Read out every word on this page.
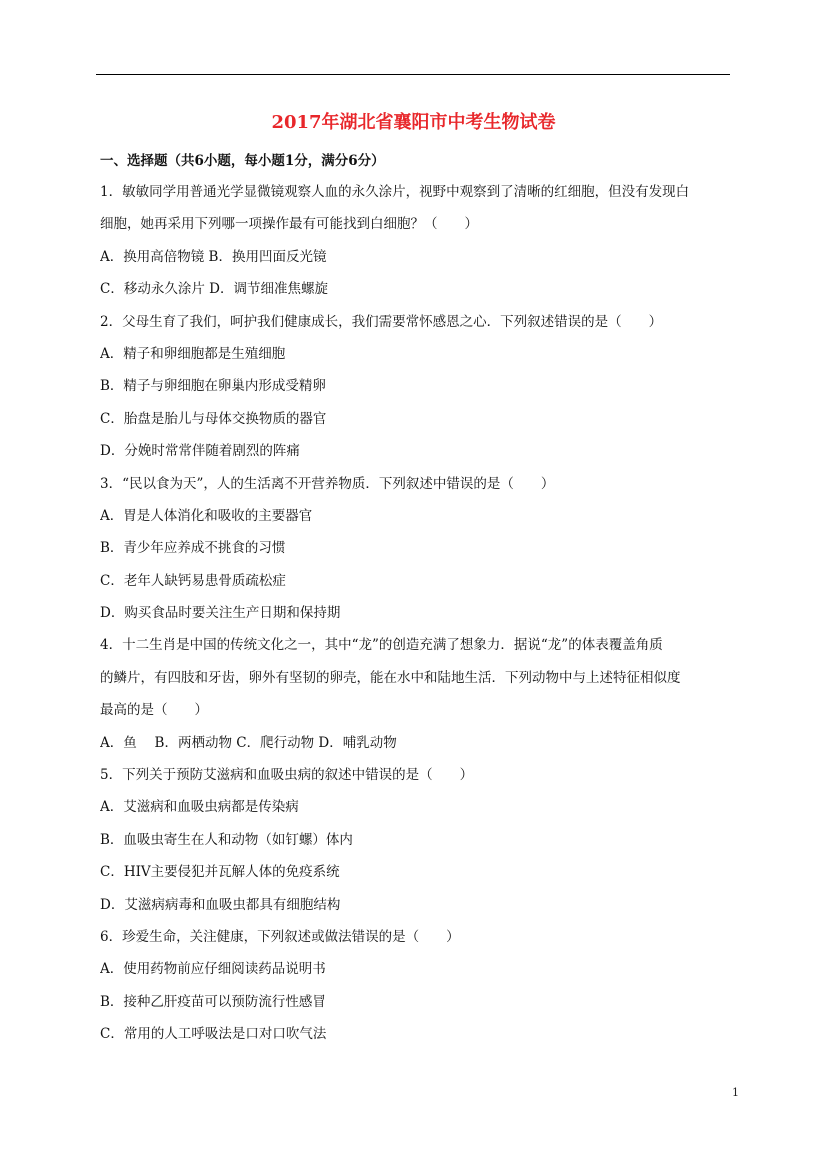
2017年湖北省襄阳市中考生物试卷
一、选择题（共6小题，每小题1分，满分6分）
1．敏敏同学用普通光学显微镜观察人血的永久涂片，视野中观察到了清晰的红细胞，但没有发现白
细胞，她再采用下列哪一项操作最有可能找到白细胞？（　　）
A．换用高倍物镜 B．换用凹面反光镜
C．移动永久涂片 D．调节细准焦螺旋
2．父母生育了我们，呵护我们健康成长，我们需要常怀感恩之心．下列叙述错误的是（　　）
A．精子和卵细胞都是生殖细胞
B．精子与卵细胞在卵巢内形成受精卵
C．胎盘是胎儿与母体交换物质的器官
D．分娩时常常伴随着剧烈的阵痛
3．“民以食为天”，人的生活离不开营养物质．下列叙述中错误的是（　　）
A．胃是人体消化和吸收的主要器官
B．青少年应养成不挑食的习惯
C．老年人缺钙易患骨质疏松症
D．购买食品时要关注生产日期和保持期
4．十二生肖是中国的传统文化之一，其中“龙”的创造充满了想象力．据说“龙”的体表覆盖角质
的鳞片，有四肢和牙齿，卵外有坚韧的卵壳，能在水中和陆地生活．下列动物中与上述特征相似度
最高的是（　　）
A．鱼　 B．两栖动物 C．爬行动物 D．哺乳动物
5．下列关于预防艾滋病和血吸虫病的叙述中错误的是（　　）
A．艾滋病和血吸虫病都是传染病
B．血吸虫寄生在人和动物（如钉螺）体内
C．HIV主要侵犯并瓦解人体的免疫系统
D．艾滋病病毒和血吸虫都具有细胞结构
6．珍爱生命，关注健康，下列叙述或做法错误的是（　　）
A．使用药物前应仔细阅读药品说明书
B．接种乙肝疫苗可以预防流行性感冒
C．常用的人工呼吸法是口对口吹气法
1
